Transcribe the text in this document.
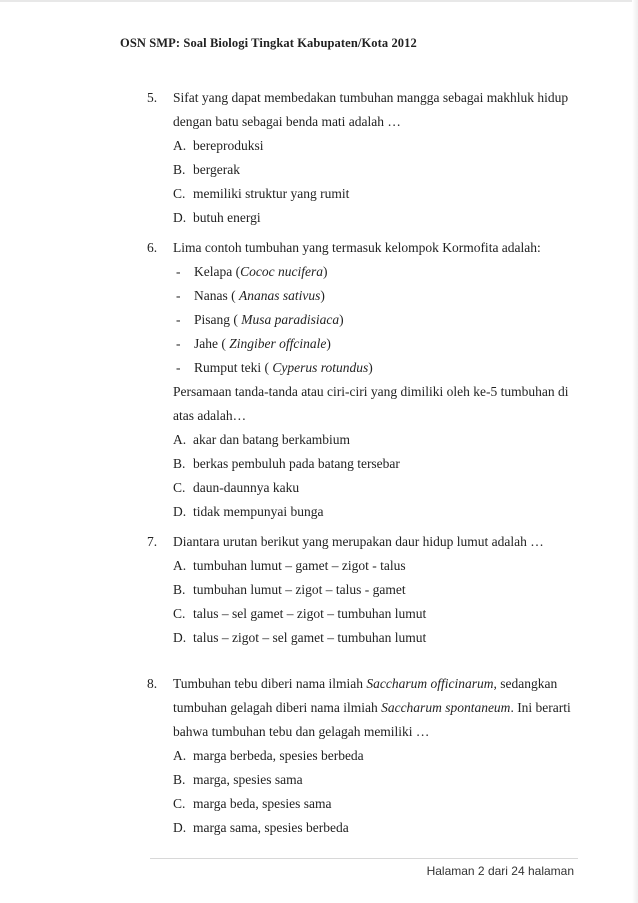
OSN SMP: Soal Biologi Tingkat Kabupaten/Kota 2012
5. Sifat yang dapat membedakan tumbuhan mangga sebagai makhluk hidup
dengan batu sebagai benda mati adalah …
A. bereproduksi
B. bergerak
C. memiliki struktur yang rumit
D. butuh energi
6. Lima contoh tumbuhan yang termasuk kelompok Kormofita adalah:
- Kelapa (Cococ nucifera)
- Nanas ( Ananas sativus)
- Pisang ( Musa paradisiaca)
- Jahe ( Zingiber offcinale)
- Rumput teki ( Cyperus rotundus)
Persamaan tanda-tanda atau ciri-ciri yang dimiliki oleh ke-5 tumbuhan di
atas adalah…
A. akar dan batang berkambium
B. berkas pembuluh pada batang tersebar
C. daun-daunnya kaku
D. tidak mempunyai bunga
7. Diantara urutan berikut yang merupakan daur hidup lumut adalah …
A. tumbuhan lumut – gamet – zigot - talus
B. tumbuhan lumut – zigot – talus - gamet
C. talus – sel gamet – zigot – tumbuhan lumut
D. talus – zigot – sel gamet – tumbuhan lumut
8. Tumbuhan tebu diberi nama ilmiah Saccharum officinarum, sedangkan
tumbuhan gelagah diberi nama ilmiah Saccharum spontaneum. Ini berarti
bahwa tumbuhan tebu dan gelagah memiliki …
A. marga berbeda, spesies berbeda
B. marga, spesies sama
C. marga beda, spesies sama
D. marga sama, spesies berbeda
Halaman 2 dari 24 halaman
